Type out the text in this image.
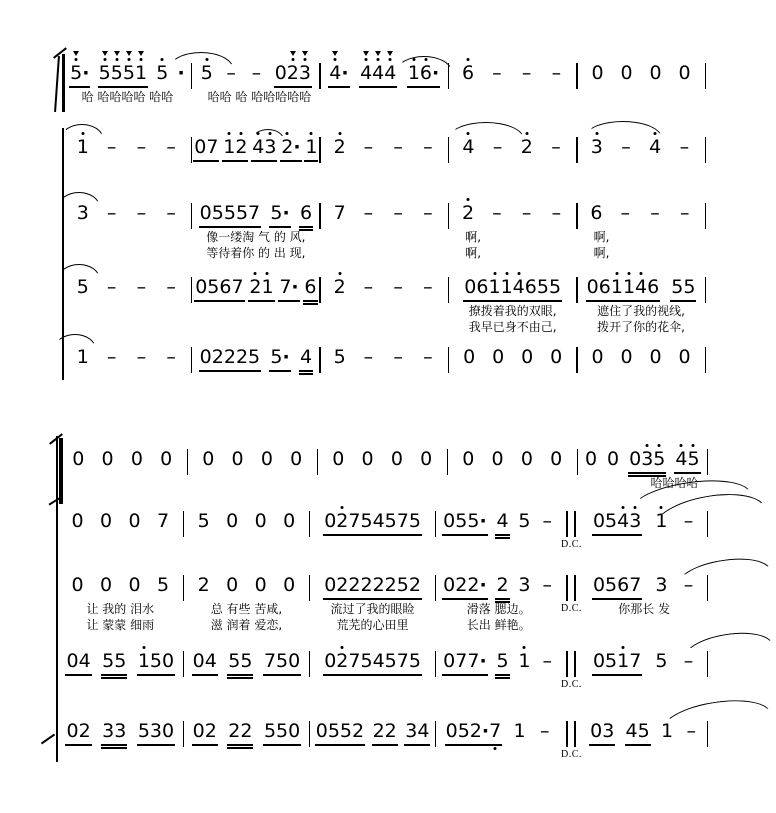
5 · 5 5 5 1 5 ·
哈 哈哈哈哈 哈哈
5 – – 0 2 3
哈哈 哈 哈哈哈哈哈
4 · 4 4 4 1 6 · 6 – – – 0 0 0 0
1 – – – 0 7 1 2 4 3 2 · 1 2 – – – 4 – 2 – 3 – 4 –
3 – – – 0 5 5 5 7 5 · 6
像一缕淘 气 的 风,
等待着你 的 出 现,
7 – – – 2 – – –
啊,
啊,
6 – – –
啊,
啊,
5 – – – 0 5 6 7 2 1 7 · 6 2 – – – 0 6 1 1 4 6 5 5
撩拨着我的双眼,
我早已身不由己,
0 6 1 1 4 6 5 5
遮住了我的视线,
拨开了你的花伞,
1 – – – 0 2 2 2 5 5 · 4 5 – – – 0 0 0 0 0 0 0 0
0 0 0 0 0 0 0 0 0 0 0 0 0 0 0 0 0 0 0 3 5 4 5
哈哈哈哈
0 0 0 7 5 0 0 0 0 2 7 5 4 5 7 5 0 5 5 · 4 5 –
D.C.
0 5 4 3 1 –
0 0 0 5
让 我的 泪水
让 蒙蒙 细雨
2 0 0 0
总 有些 苦咸,
滋 润着 爱恋,
0 2 2 2 2 2 5 2
流过了我的眼睑
荒芜的心田里
0 2 2 · 2 3 –
滑落 腮边。
长出 鲜艳。
D.C.
0 5 6 7 3 –
你那长 发
0 4 5 5 1 5 0 0 4 5 5 7 5 0 0 2 7 5 4 5 7 5 0 7 7 · 5 1 –
D.C.
0 5 1 7 5 –
0 2 3 3 5 3 0 0 2 2 2 5 5 0 0 5 5 2 2 2 3 4 0 5 2 · 7 1 –
D.C.
0 3 4 5 1 –
